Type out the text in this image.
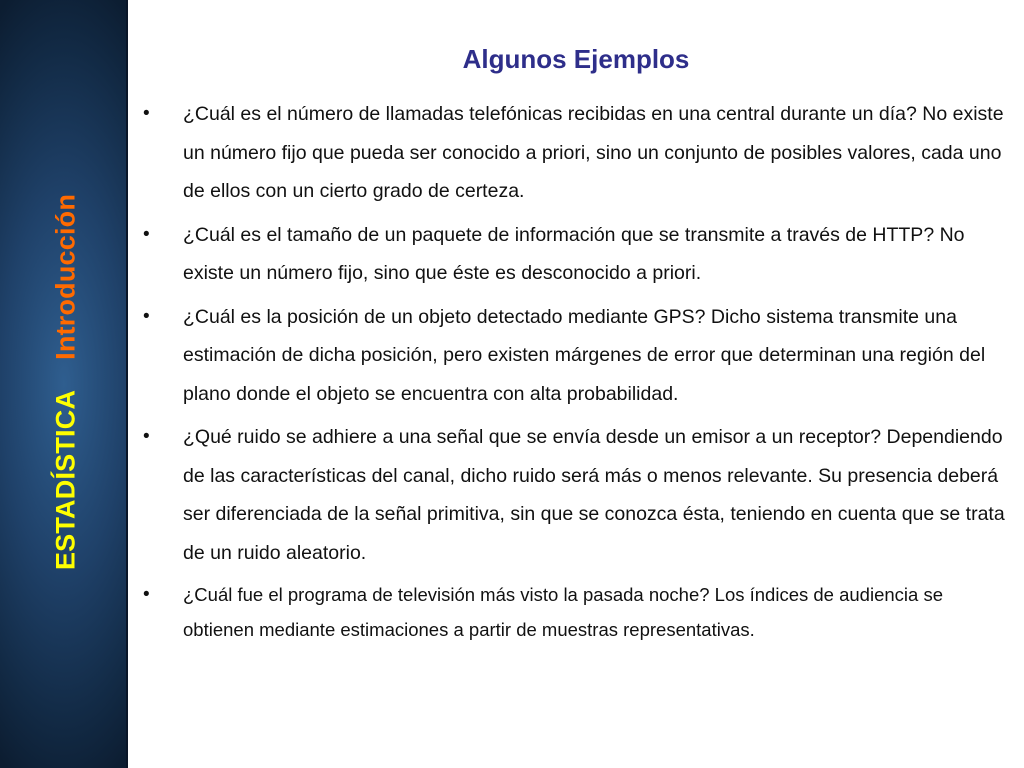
ESTADÍSTICAIntroducción
Algunos Ejemplos
•	¿Cuál es el número de llamadas telefónicas recibidas en una central durante un día? No existe un número fijo que pueda ser conocido a priori, sino un conjunto de posibles valores, cada uno de ellos con un cierto grado de certeza.
•	¿Cuál es el tamaño de un paquete de información que se transmite a través de HTTP? No existe un número fijo, sino que éste es desconocido a priori.
•	¿Cuál es la posición de un objeto detectado mediante GPS? Dicho sistema transmite una estimación de dicha posición, pero existen márgenes de error que determinan una región del plano donde el objeto se encuentra con alta probabilidad.
•	¿Qué ruido se adhiere a una señal que se envía desde un emisor a un receptor? Dependiendo de las características del canal, dicho ruido será más o menos relevante. Su presencia deberá ser diferenciada de la señal primitiva, sin que se conozca ésta, teniendo en cuenta que se trata de un ruido aleatorio.
•	¿Cuál fue el programa de televisión más visto la pasada noche? Los índices de audiencia se obtienen mediante estimaciones a partir de muestras representativas.
